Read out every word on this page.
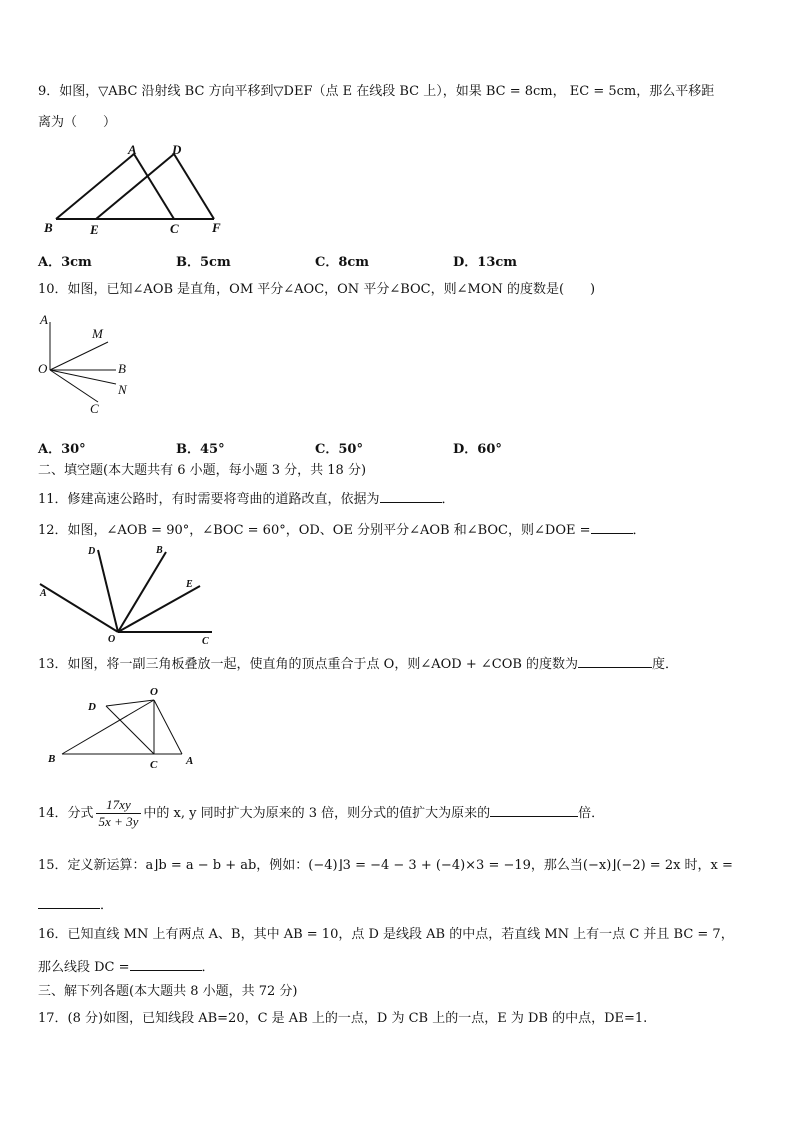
9．如图，▽ABC 沿射线 BC 方向平移到▽DEF（点 E 在线段 BC 上），如果 BC = 8cm， EC = 5cm，那么平移距
离为（　　）
A	D
B	E	C	F
A．3cm	B．5cm	C．8cm	D．13cm
10．如图，已知∠AOB 是直角，OM 平分∠AOC，ON 平分∠BOC，则∠MON 的度数是(　　)
A
M
O	B
N
C
A．30°	B．45°	C．50°	D．60°
二、填空题(本大题共有 6 小题，每小题 3 分，共 18 分)
11．修建高速公路时，有时需要将弯曲的道路改直，依据为	．
12．如图，∠AOB = 90°，∠BOC = 60°，OD、OE 分别平分∠AOB 和∠BOC，则∠DOE =	．
D	B
E
A
O	C
13．如图，将一副三角板叠放一起，使直角的顶点重合于点 O，则∠AOD + ∠COB 的度数为	度．
O
D
B	C	A
14．分式 $\frac{17xy}{5x + 3y}$ 中的 x, y 同时扩大为原来的 3 倍，则分式的值扩大为原来的	倍．
15．定义新运算：a⌋b = a − b + ab，例如：(−4)⌋3 = −4 − 3 + (−4)×3 = −19，那么当(−x)⌋(−2) = 2x 时，x =
．
16．已知直线 MN 上有两点 A、B，其中 AB = 10，点 D 是线段 AB 的中点，若直线 MN 上有一点 C 并且 BC = 7，
那么线段 DC =	．
三、解下列各题(本大题共 8 小题，共 72 分)
17．(8 分)如图，已知线段 AB=20，C 是 AB 上的一点，D 为 CB 上的一点，E 为 DB 的中点，DE=1.
